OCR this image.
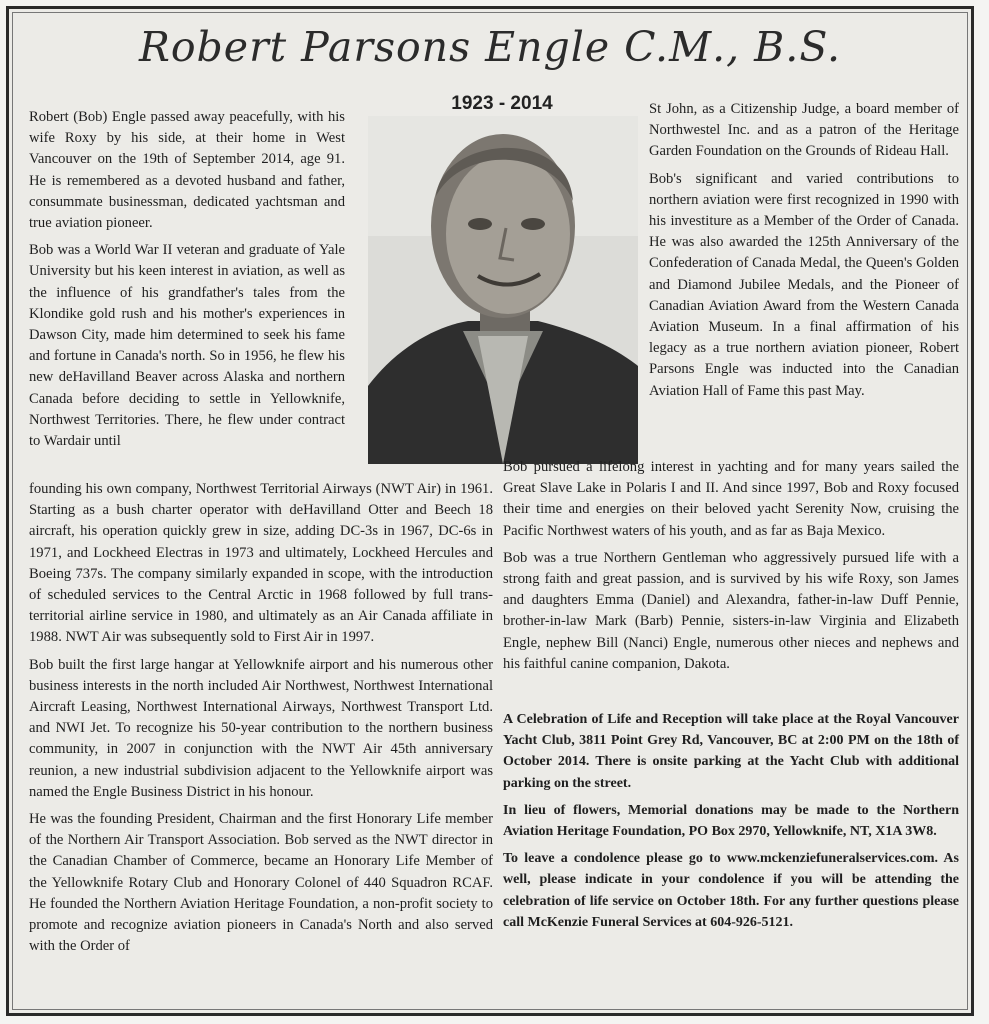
Robert Parsons Engle C.M., B.S.
1923 - 2014

Robert (Bob) Engle passed away peacefully, with his wife Roxy by his side, at their home in West Vancouver on the 19th of September 2014, age 91. He is remembered as a devoted husband and father, consummate businessman, dedicated yachtsman and true aviation pioneer.

Bob was a World War II veteran and graduate of Yale University but his keen interest in aviation, as well as the influence of his grandfather's tales from the Klondike gold rush and his mother's experiences in Dawson City, made him determined to seek his fame and fortune in Canada's north. So in 1956, he flew his new deHavilland Beaver across Alaska and northern Canada before deciding to settle in Yellowknife, Northwest Territories. There, he flew under contract to Wardair until

St John, as a Citizenship Judge, a board member of Northwestel Inc. and as a patron of the Heritage Garden Foundation on the Grounds of Rideau Hall.

Bob's significant and varied contributions to northern aviation were first recognized in 1990 with his investiture as a Member of the Order of Canada. He was also awarded the 125th Anniversary of the Confederation of Canada Medal, the Queen's Golden and Diamond Jubilee Medals, and the Pioneer of Canadian Aviation Award from the Western Canada Aviation Museum. In a final affirmation of his legacy as a true northern aviation pioneer, Robert Parsons Engle was inducted into the Canadian Aviation Hall of Fame this past May.

founding his own company, Northwest Territorial Airways (NWT Air) in 1961. Starting as a bush charter operator with deHavilland Otter and Beech 18 aircraft, his operation quickly grew in size, adding DC-3s in 1967, DC-6s in 1971, and Lockheed Electras in 1973 and ultimately, Lockheed Hercules and Boeing 737s. The company similarly expanded in scope, with the introduction of scheduled services to the Central Arctic in 1968 followed by full trans-territorial airline service in 1980, and ultimately as an Air Canada affiliate in 1988. NWT Air was subsequently sold to First Air in 1997.

Bob built the first large hangar at Yellowknife airport and his numerous other business interests in the north included Air Northwest, Northwest International Aircraft Leasing, Northwest International Airways, Northwest Transport Ltd. and NWI Jet. To recognize his 50-year contribution to the northern business community, in 2007 in conjunction with the NWT Air 45th anniversary reunion, a new industrial subdivision adjacent to the Yellowknife airport was named the Engle Business District in his honour.

He was the founding President, Chairman and the first Honorary Life member of the Northern Air Transport Association. Bob served as the NWT director in the Canadian Chamber of Commerce, became an Honorary Life Member of the Yellowknife Rotary Club and Honorary Colonel of 440 Squadron RCAF. He founded the Northern Aviation Heritage Foundation, a non-profit society to promote and recognize aviation pioneers in Canada's North and also served with the Order of

Bob pursued a lifelong interest in yachting and for many years sailed the Great Slave Lake in Polaris I and II. And since 1997, Bob and Roxy focused their time and energies on their beloved yacht Serenity Now, cruising the Pacific Northwest waters of his youth, and as far as Baja Mexico.

Bob was a true Northern Gentleman who aggressively pursued life with a strong faith and great passion, and is survived by his wife Roxy, son James and daughters Emma (Daniel) and Alexandra, father-in-law Duff Pennie, brother-in-law Mark (Barb) Pennie, sisters-in-law Virginia and Elizabeth Engle, nephew Bill (Nanci) Engle, numerous other nieces and nephews and his faithful canine companion, Dakota.

A Celebration of Life and Reception will take place at the Royal Vancouver Yacht Club, 3811 Point Grey Rd, Vancouver, BC at 2:00 PM on the 18th of October 2014. There is onsite parking at the Yacht Club with additional parking on the street.

In lieu of flowers, Memorial donations may be made to the Northern Aviation Heritage Foundation, PO Box 2970, Yellowknife, NT, X1A 3W8.

To leave a condolence please go to www.mckenziefuneralservices.com. As well, please indicate in your condolence if you will be attending the celebration of life service on October 18th. For any further questions please call McKenzie Funeral Services at 604-926-5121.
